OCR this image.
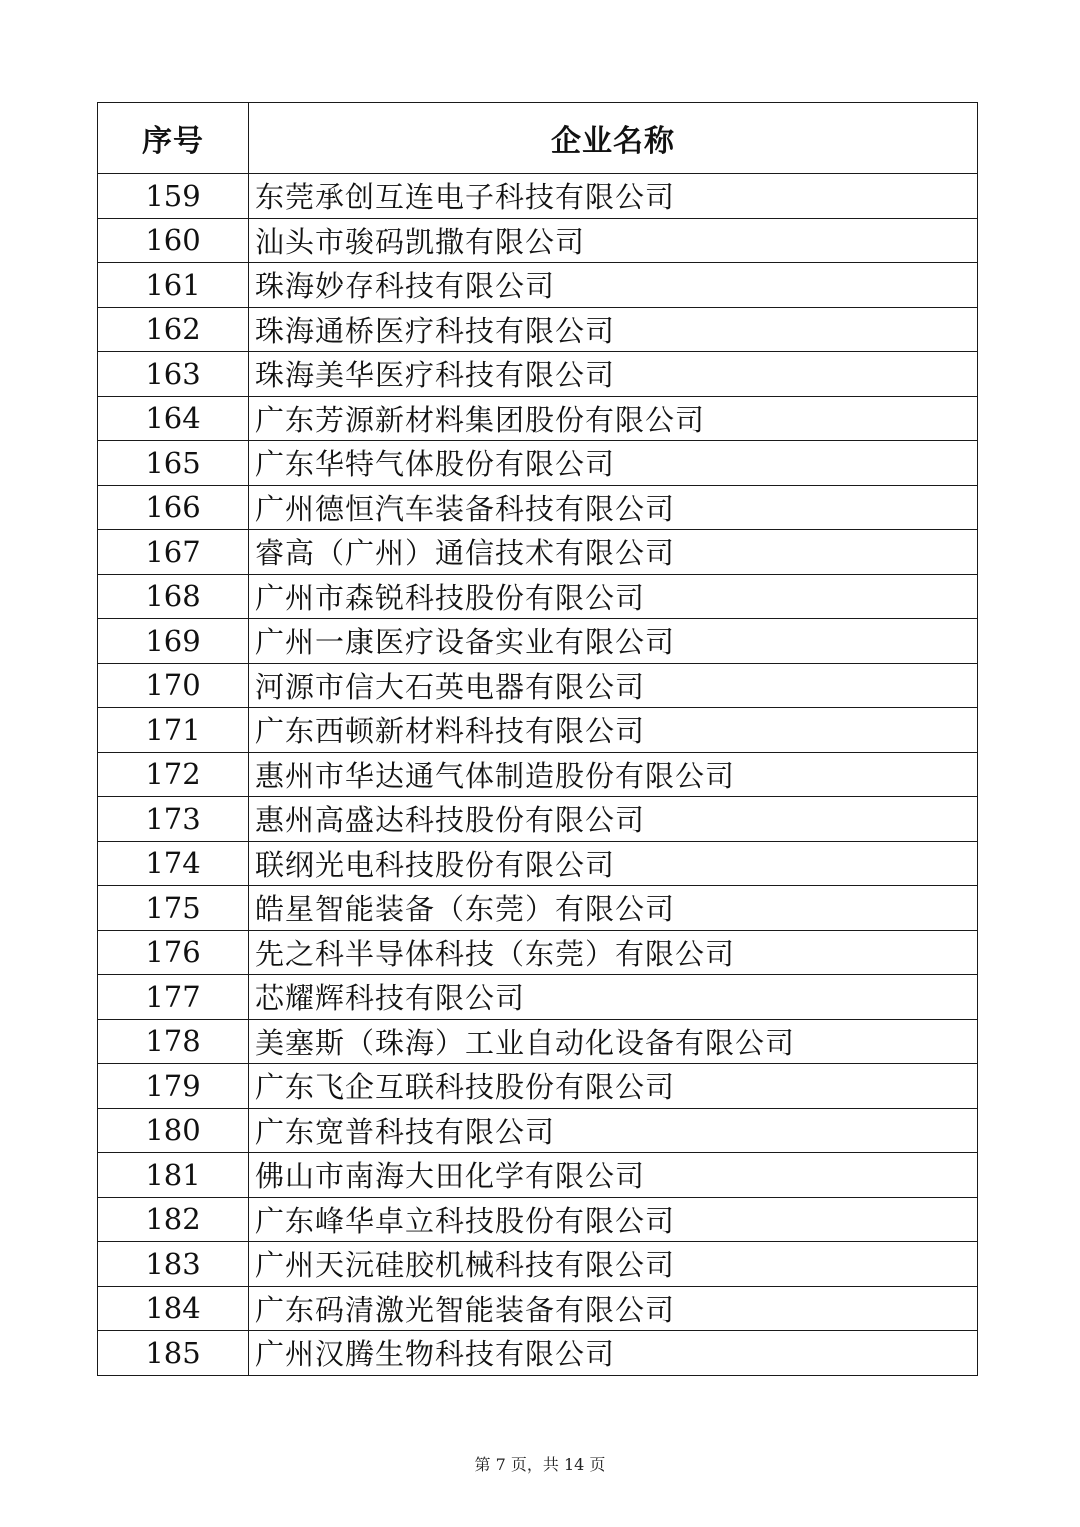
序号	企业名称
159	东莞承创互连电子科技有限公司
160	汕头市骏码凯撒有限公司
161	珠海妙存科技有限公司
162	珠海通桥医疗科技有限公司
163	珠海美华医疗科技有限公司
164	广东芳源新材料集团股份有限公司
165	广东华特气体股份有限公司
166	广州德恒汽车装备科技有限公司
167	睿高（广州）通信技术有限公司
168	广州市森锐科技股份有限公司
169	广州一康医疗设备实业有限公司
170	河源市信大石英电器有限公司
171	广东西顿新材料科技有限公司
172	惠州市华达通气体制造股份有限公司
173	惠州高盛达科技股份有限公司
174	联纲光电科技股份有限公司
175	皓星智能装备（东莞）有限公司
176	先之科半导体科技（东莞）有限公司
177	芯耀辉科技有限公司
178	美塞斯（珠海）工业自动化设备有限公司
179	广东飞企互联科技股份有限公司
180	广东宽普科技有限公司
181	佛山市南海大田化学有限公司
182	广东峰华卓立科技股份有限公司
183	广州天沅硅胶机械科技有限公司
184	广东码清激光智能装备有限公司
185	广州汉腾生物科技有限公司
第 7 页，共 14 页
